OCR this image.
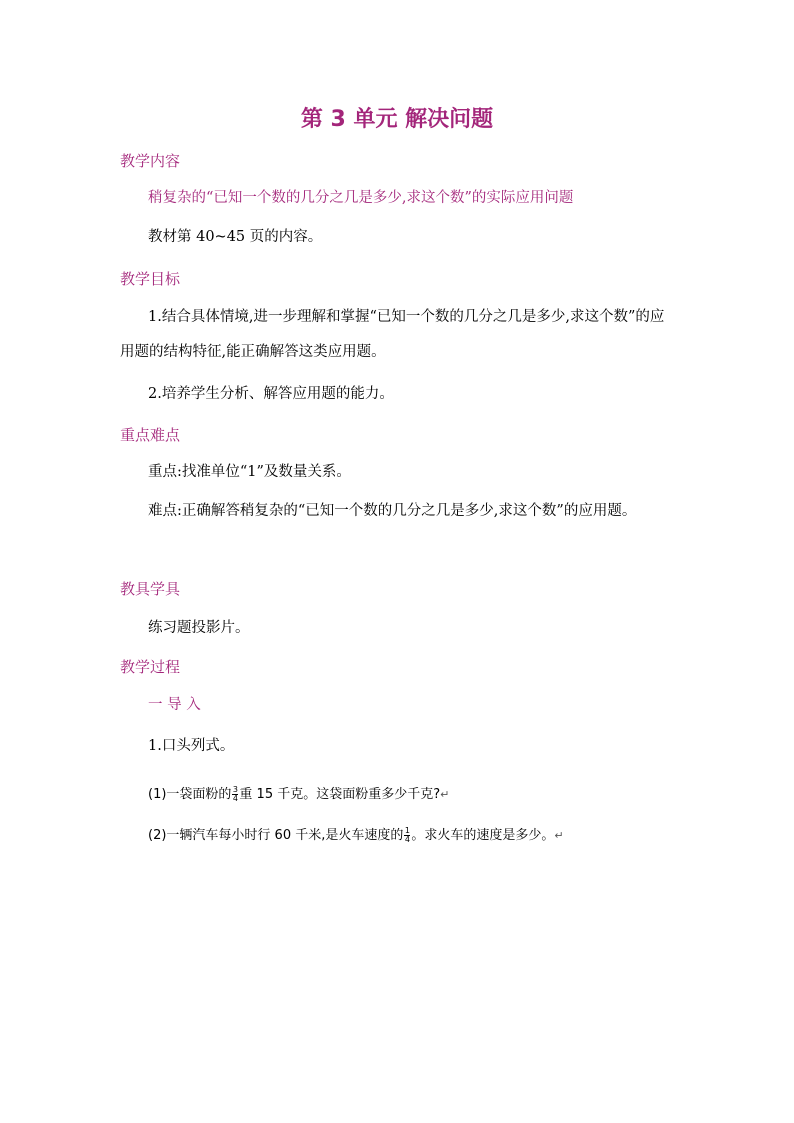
第 3 单元 解决问题
教学内容
稍复杂的“已知一个数的几分之几是多少,求这个数”的实际应用问题
教材第 40~45 页的内容。
教学目标
1.结合具体情境,进一步理解和掌握“已知一个数的几分之几是多少,求这个数”的应用题的结构特征,能正确解答这类应用题。
2.培养学生分析、解答应用题的能力。
重点难点
重点:找准单位“1”及数量关系。
难点:正确解答稍复杂的“已知一个数的几分之几是多少,求这个数”的应用题。
教具学具
练习题投影片。
教学过程
一 导 入
1.口头列式。
(1)一袋面粉的 $\frac{3}{4}$ 重 15 千克。这袋面粉重多少千克?↵
(2)一辆汽车每小时行 60 千米,是火车速度的 $\frac{1}{4}$ 。求火车的速度是多少。↵
